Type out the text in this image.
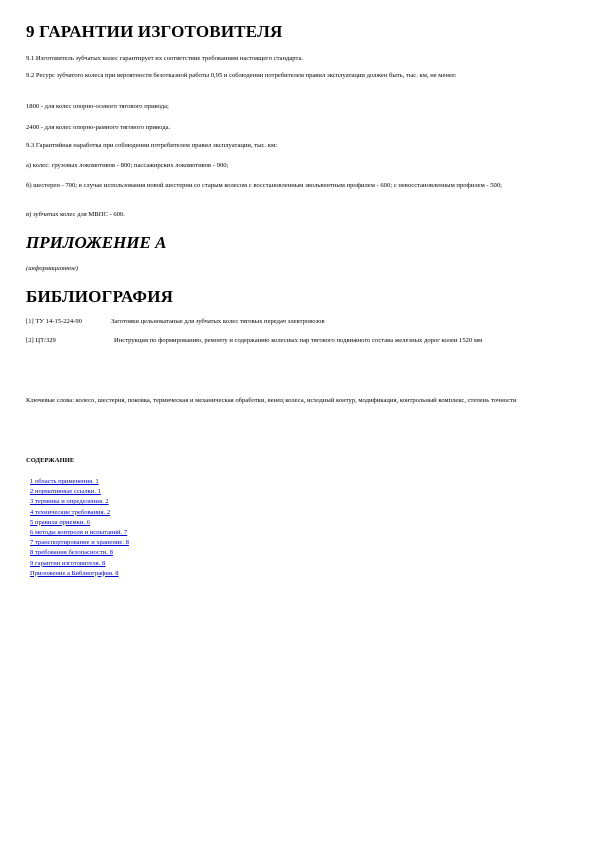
9 ГАРАНТИИ ИЗГОТОВИТЕЛЯ
9.1 Изготовитель зубчатых колес гарантирует их соответствие требованиям настоящего стандарта.
9.2 Ресурс зубчатого колеса при вероятности безотказной работы 0,95 и соблюдении потребителем правил эксплуатации должен быть, тыс. км, не менее:
1800 - для колес опорно-осевого тягового привода;
2400 - для колес опорно-рамного тягового привода.
9.3 Гарантийная наработка при соблюдении потребителем правил эксплуатации, тыс. км:
а) колес: грузовых локомотивов - 800; пассажирских локомотивов - 900;
б) шестерен - 700; в случае использования новой шестерни со старым колесом с восстановленным эвольвентным профилем - 600; с невосстановленным профилем - 500;
в) зубчатых колес для МВПС - 600.
ПРИЛОЖЕНИЕ А
(информационное)
БИБЛИОГРАФИЯ
[1] ТУ 14-15-224-90	Заготовки цельнокатаные для зубчатых колес тяговых передач электровозов
[2] ЦТ/329	Инструкция по формированию, ремонту и содержанию колесных пар тягового подвижного состава железных дорог колеи 1520 мм
Ключевые слова: колесо, шестерня, поковка, термическая и механическая обработки, венец колеса, исходный контур, модификация, контрольный комплекс, степень точности
СОДЕРЖАНИЕ
1 область применения. 1
2 нормативные ссылки. 1
3 термины и определения. 2
4 технические требования. 2
5 правила приемки. 6
6 методы контроля и испытаний. 7
7 транспортирование и хранение. 8
8 требования безопасности. 8
9 гарантии изготовителя. 8
Приложение а Библиография. 8
